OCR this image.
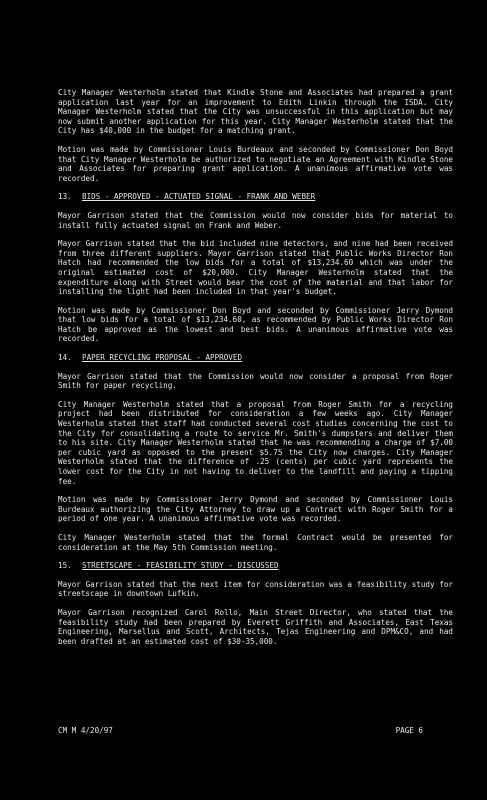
City Manager Westerholm stated that Kindle Stone and Associates had prepared a grant application last year for an improvement to Edith Linkin through the ISDA. City Manager Westerholm stated that the City was unsuccessful in this application but may now submit another application for this year. City Manager Westerholm stated that the City has $40,000 in the budget for a matching grant.

Motion was made by Commissioner Louis Burdeaux and seconded by Commissioner Don Boyd that City Manager Westerholm be authorized to negotiate an Agreement with Kindle Stone and Associates for preparing grant application. A unanimous affirmative vote was recorded.

13. BIDS - APPROVED - ACTUATED SIGNAL - FRANK AND WEBER

Mayor Garrison stated that the Commission would now consider bids for material to install fully actuated signal on Frank and Weber.

Mayor Garrison stated that the bid included nine detectors, and nine had been received from three different suppliers. Mayor Garrison stated that Public Works Director Ron Hatch had recommended the low bids for a total of $13,234.60 which was under the original estimated cost of $20,000. City Manager Westerholm stated that the expenditure along with Street would bear the cost of the material and that labor for installing the light had been included in that year's budget.

Motion was made by Commissioner Don Boyd and seconded by Commissioner Jerry Dymond that low bids for a total of $13,234.60, as recommended by Public Works Director Ron Hatch be approved as the lowest and best bids. A unanimous affirmative vote was recorded.

14. PAPER RECYCLING PROPOSAL - APPROVED

Mayor Garrison stated that the Commission would now consider a proposal from Roger Smith for paper recycling.

City Manager Westerholm stated that a proposal from Roger Smith for a recycling project had been distributed for consideration a few weeks ago. City Manager Westerholm stated that staff had conducted several cost studies concerning the cost to the City for consolidating a route to service Mr. Smith's dumpsters and deliver them to his site. City Manager Westerholm stated that he was recommending a charge of $7.00 per cubic yard as opposed to the present $5.75 the City now charges. City Manager Westerholm stated that the difference of .25 (cents) per cubic yard represents the lower cost for the City in not having to deliver to the landfill and paying a tipping fee.

Motion was made by Commissioner Jerry Dymond and seconded by Commissioner Louis Burdeaux authorizing the City Attorney to draw up a Contract with Roger Smith for a period of one year. A unanimous affirmative vote was recorded.

City Manager Westerholm stated that the formal Contract would be presented for consideration at the May 5th Commission meeting.

15. STREETSCAPE - FEASIBILITY STUDY - DISCUSSED

Mayor Garrison stated that the next item for consideration was a feasibility study for streetscape in downtown Lufkin.

Mayor Garrison recognized Carol Rollo, Main Street Director, who stated that the feasibility study had been prepared by Everett Griffith and Associates, East Texas Engineering, Marsellus and Scott, Architects, Tejas Engineering and DPM&CO, and had been drafted at an estimated cost of $30-35,000.

CM M 4/20/97	PAGE 6
